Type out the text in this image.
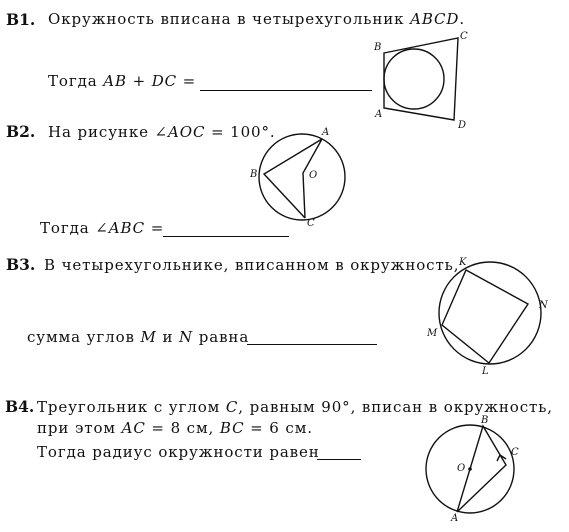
B1. Окружность вписана в четырехугольник ABCD.
Тогда AB + DC =
B2. На рисунке ∠AOC = 100°.
Тогда ∠ABC =
B3. В четырехугольнике, вписанном в окружность,
сумма углов M и N равна
B4. Треугольник с углом C, равным 90°, вписан в окружность,
при этом AC = 8 см, BC = 6 см.
Тогда радиус окружности равен
B
C
A
D
A
B	O
C
K
N
M
L
B
C
O
A
